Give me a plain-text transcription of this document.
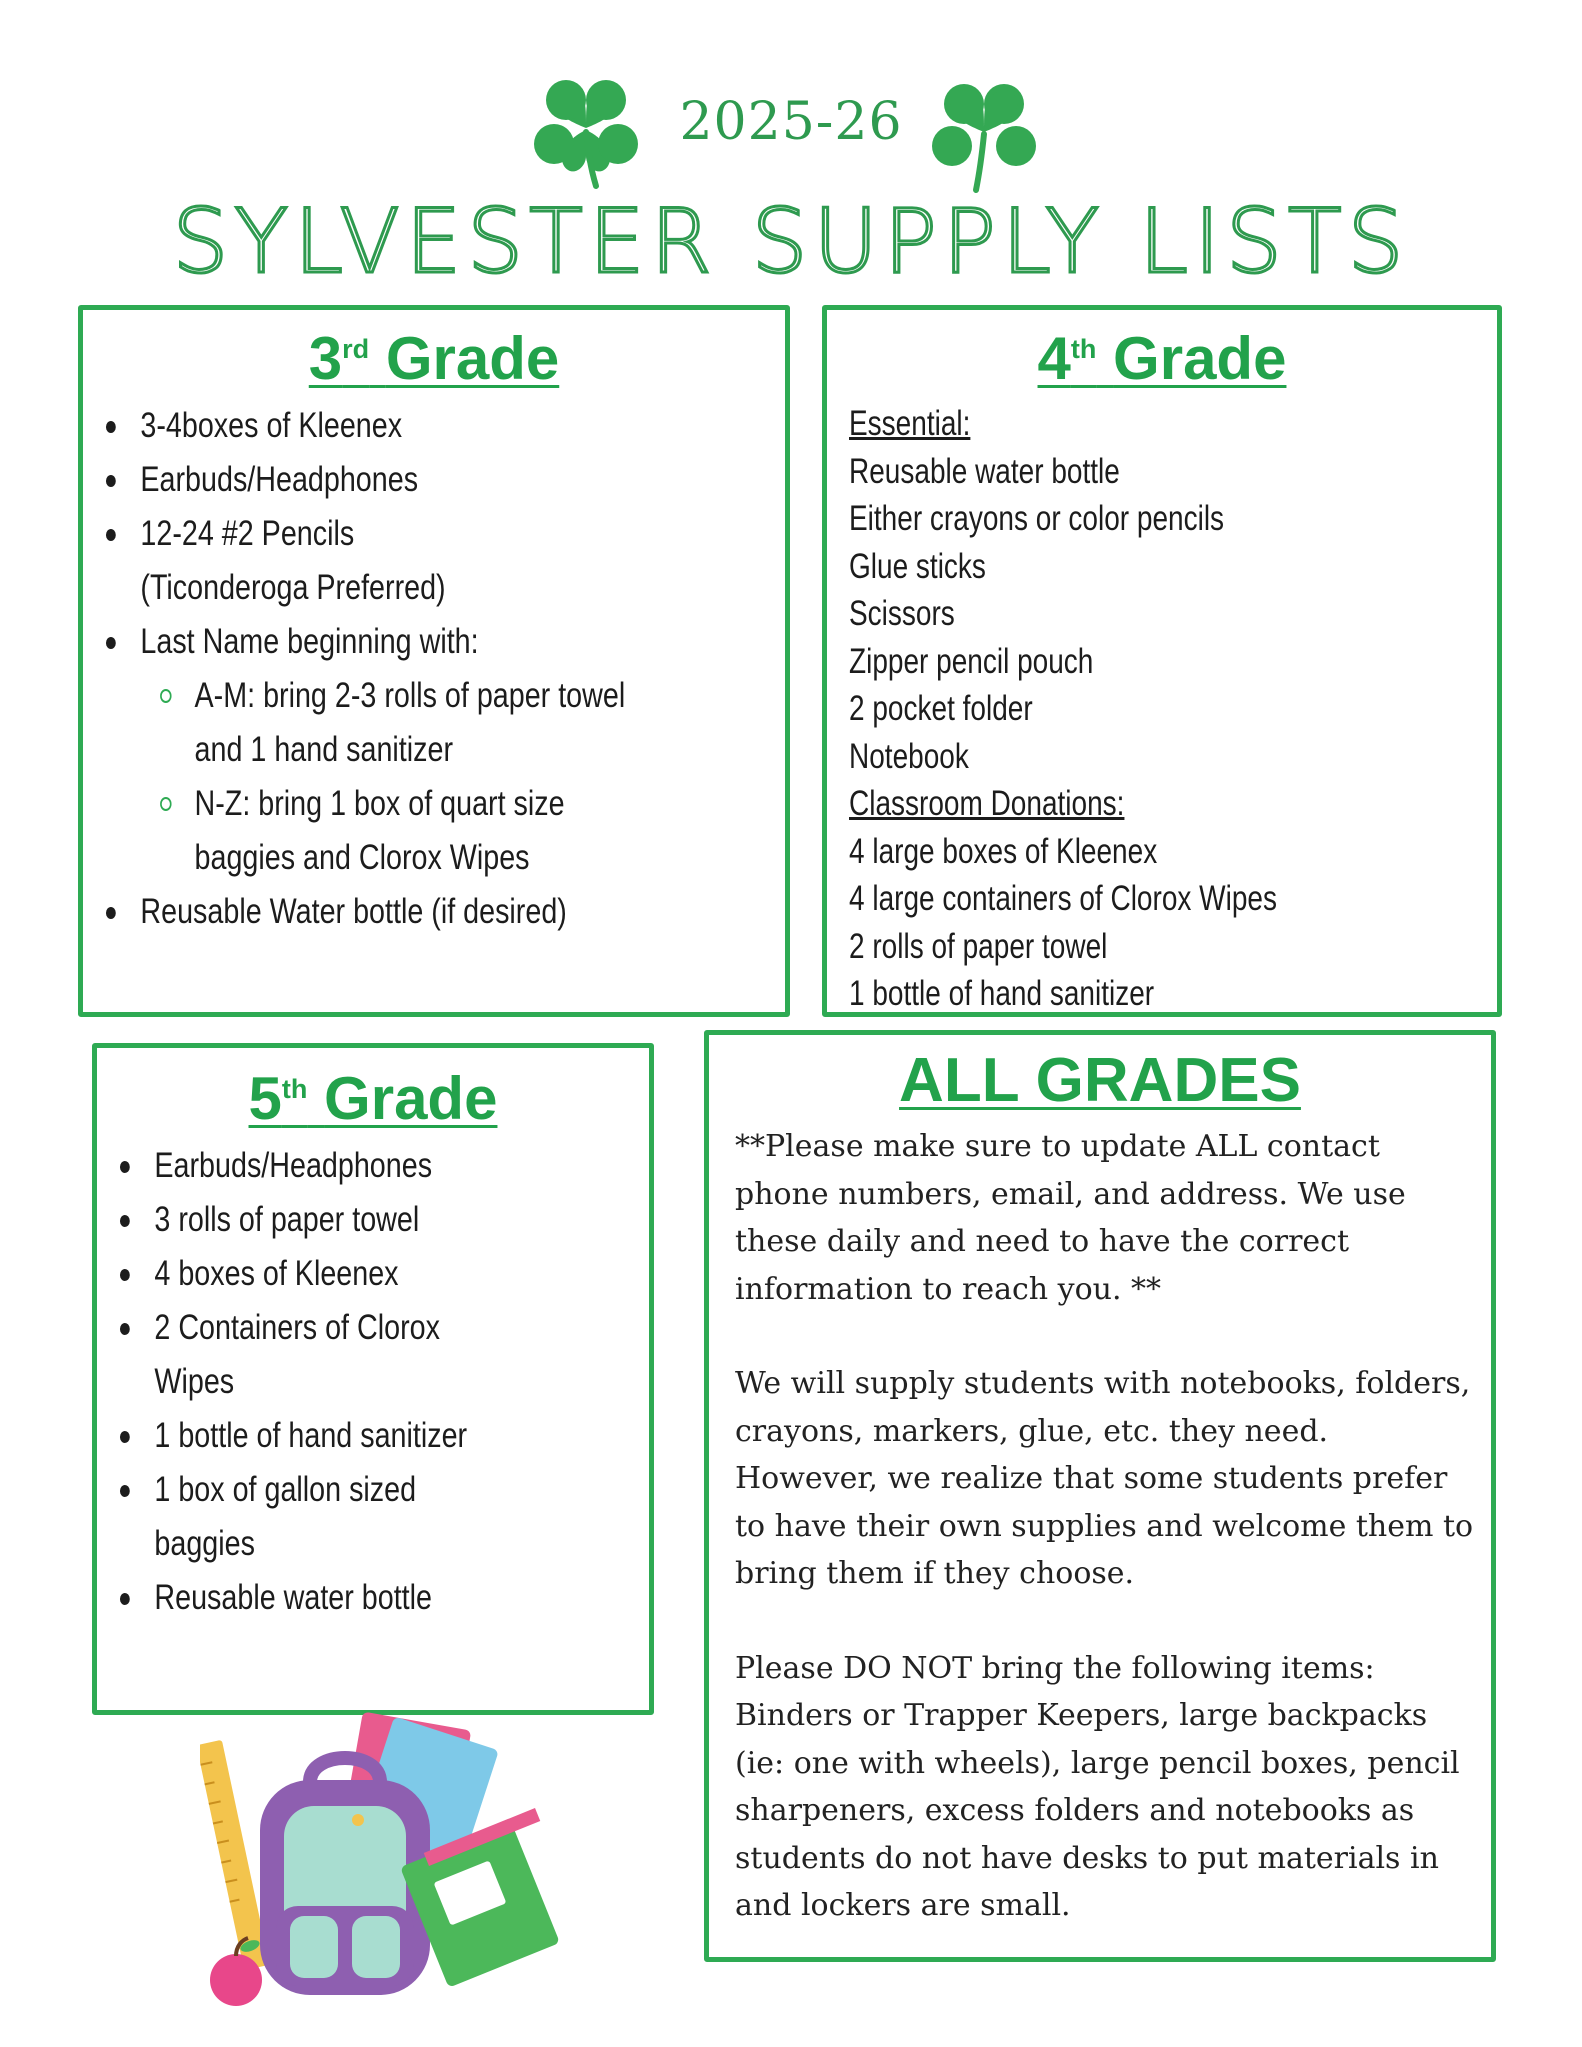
2025-26
SYLVESTER SUPPLY LISTS
3rd Grade
3-4boxes of Kleenex
Earbuds/Headphones
12-24 #2 Pencils (Ticonderoga Preferred)
Last Name beginning with:
A-M: bring 2-3 rolls of paper towel and 1 hand sanitizer
N-Z: bring 1 box of quart size baggies and Clorox Wipes
Reusable Water bottle (if desired)
4th Grade
Essential:
Reusable water bottle
Either crayons or color pencils
Glue sticks
Scissors
Zipper pencil pouch
2 pocket folder
Notebook
Classroom Donations:
4 large boxes of Kleenex
4 large containers of Clorox Wipes
2 rolls of paper towel
1 bottle of hand sanitizer
5th Grade
Earbuds/Headphones
3 rolls of paper towel
4 boxes of Kleenex
2 Containers of Clorox Wipes
1 bottle of hand sanitizer
1 box of gallon sized baggies
Reusable water bottle
ALL GRADES

**Please make sure to update ALL contact phone numbers, email, and address. We use these daily and need to have the correct information to reach you. **

We will supply students with notebooks, folders, crayons, markers, glue, etc. they need. However, we realize that some students prefer to have their own supplies and welcome them to bring them if they choose.

Please DO NOT bring the following items: Binders or Trapper Keepers, large backpacks (ie: one with wheels), large pencil boxes, pencil sharpeners, excess folders and notebooks as students do not have desks to put materials in and lockers are small.
